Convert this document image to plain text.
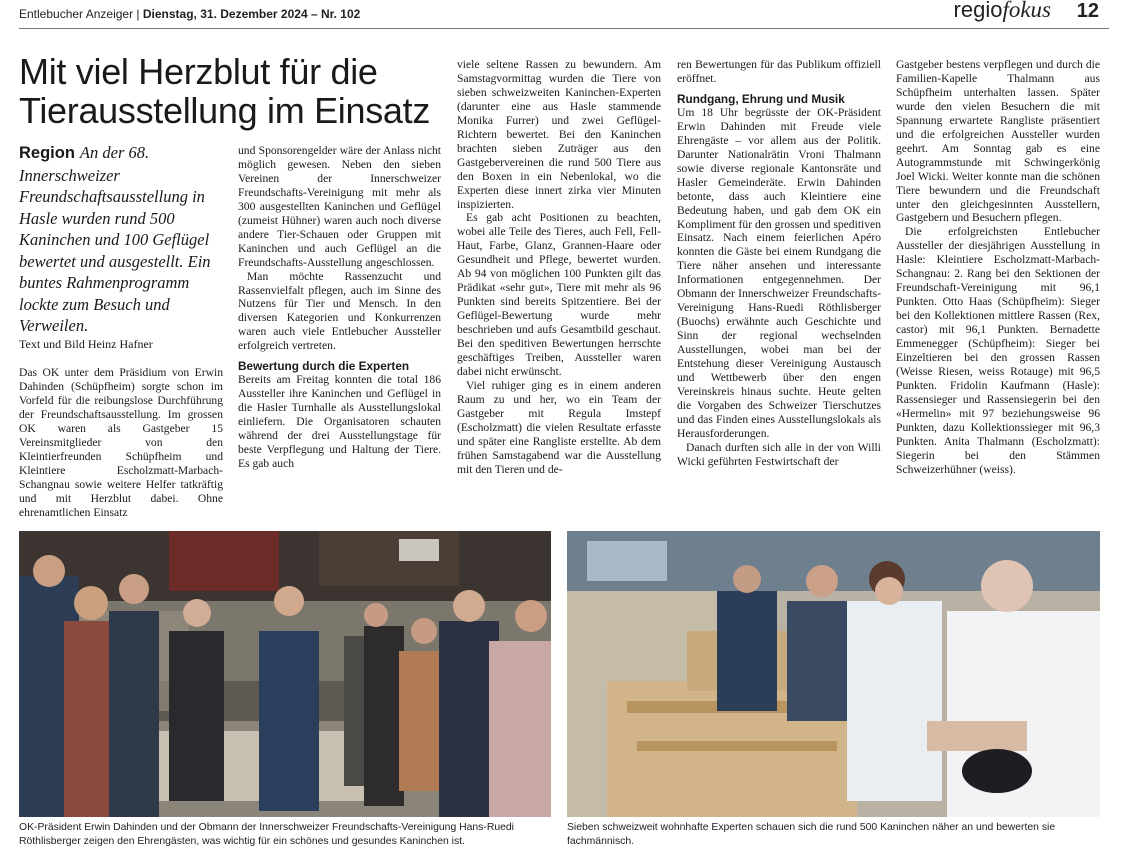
Entlebucher Anzeiger | Dienstag, 31. Dezember 2024 – Nr. 102	regiofokus 12
Mit viel Herzblut für die Tierausstellung im Einsatz

Region An der 68. Innerschweizer Freundschaftsausstellung in Hasle wurden rund 500 Kaninchen und 100 Geflügel bewertet und ausgestellt. Ein buntes Rahmenprogramm lockte zum Besuch und Verweilen.

Text und Bild Heinz Hafner

Das OK unter dem Präsidium von Erwin Dahinden (Schüpfheim) sorgte schon im Vorfeld für die reibungslose Durchführung der Freundschaftsausstellung. Im grossen OK waren als Gastgeber 15 Vereinsmitglieder von den Kleintierfreunden Schüpfheim und Kleintiere Escholzmatt-Marbach-Schangnau sowie weitere Helfer tatkräftig und mit Herzblut dabei. Ohne ehrenamtlichen Einsatz

und Sponsorengelder wäre der Anlass nicht möglich gewesen. Neben den sieben Vereinen der Innerschweizer Freundschafts-Vereinigung mit mehr als 300 ausgestellten Kaninchen und Geflügel (zumeist Hühner) waren auch noch diverse andere Tier-Schauen oder Gruppen mit Kaninchen und auch Geflügel an die Freundschafts-Ausstellung angeschlossen.

Man möchte Rassenzucht und Rassenvielfalt pflegen, auch im Sinne des Nutzens für Tier und Mensch. In den diversen Kategorien und Konkurrenzen waren auch viele Entlebucher Aussteller erfolgreich vertreten.

Bewertung durch die Experten

Bereits am Freitag konnten die total 186 Aussteller ihre Kaninchen und Geflügel in die Hasler Turnhalle als Ausstellungslokal einliefern. Die Organisatoren schauten während der drei Ausstellungstage für beste Verpflegung und Haltung der Tiere. Es gab auch

viele seltene Rassen zu bewundern. Am Samstagvormittag wurden die Tiere von sieben schweizweiten Kaninchen-Experten (darunter eine aus Hasle stammende Monika Furrer) und zwei Geflügel-Richtern bewertet. Bei den Kaninchen brachten sieben Zuträger aus den Gastgebervereinen die rund 500 Tiere aus den Boxen in ein Nebenlokal, wo die Experten diese innert zirka vier Minuten inspizierten.

Es gab acht Positionen zu beachten, wobei alle Teile des Tieres, auch Fell, Fell-Haut, Farbe, Glanz, Grannen-Haare oder Gesundheit und Pflege, bewertet wurden. Ab 94 von möglichen 100 Punkten gilt das Prädikat «sehr gut», Tiere mit mehr als 96 Punkten sind bereits Spitzentiere. Bei der Geflügel-Bewertung wurde mehr beschrieben und aufs Gesamtbild geschaut. Bei den speditiven Bewertungen herrschte geschäftiges Treiben, Aussteller waren dabei nicht erwünscht.

Viel ruhiger ging es in einem anderen Raum zu und her, wo ein Team der Gastgeber mit Regula Imstepf (Escholzmatt) die vielen Resultate erfasste und später eine Rangliste erstellte. Ab dem frühen Samstagabend war die Ausstellung mit den Tieren und de-

ren Bewertungen für das Publikum offiziell eröffnet.

Rundgang, Ehrung und Musik

Um 18 Uhr begrüsste der OK-Präsident Erwin Dahinden mit Freude viele Ehrengäste – vor allem aus der Politik. Darunter Nationalrätin Vroni Thalmann sowie diverse regionale Kantonsräte und Hasler Gemeinderäte. Erwin Dahinden betonte, dass auch Kleintiere eine Bedeutung haben, und gab dem OK ein Kompliment für den grossen und speditiven Einsatz. Nach einem feierlichen Apéro konnten die Gäste bei einem Rundgang die Tiere näher ansehen und interessante Informationen entgegennehmen. Der Obmann der Innerschweizer Freundschafts-Vereinigung Hans-Ruedi Röthlisberger (Buochs) erwähnte auch Geschichte und Sinn der regional wechselnden Ausstellungen, wobei man bei der Entstehung dieser Vereinigung Austausch und Wettbewerb über den engen Vereinskreis hinaus suchte. Heute gelten die Vorgaben des Schweizer Tierschutzes und das Finden eines Ausstellungslokals als Herausforderungen.

Danach durften sich alle in der von Willi Wicki geführten Festwirtschaft der

Gastgeber bestens verpflegen und durch die Familien-Kapelle Thalmann aus Schüpfheim unterhalten lassen. Später wurde den vielen Besuchern die mit Spannung erwartete Rangliste präsentiert und die erfolgreichen Aussteller wurden geehrt. Am Sonntag gab es eine Autogrammstunde mit Schwingerkönig Joel Wicki. Weiter konnte man die schönen Tiere bewundern und die Freundschaft unter den gleichgesinnten Ausstellern, Gastgebern und Besuchern pflegen.

Die erfolgreichsten Entlebucher Aussteller der diesjährigen Ausstellung in Hasle: Kleintiere Escholzmatt-Marbach-Schangnau: 2. Rang bei den Sektionen der Freundschaft-Vereinigung mit 96,1 Punkten. Otto Haas (Schüpfheim): Sieger bei den Kollektionen mittlere Rassen (Rex, castor) mit 96,1 Punkten. Bernadette Emmenegger (Schüpfheim): Sieger bei Einzeltieren bei den grossen Rassen (Weisse Riesen, weiss Rotauge) mit 96,5 Punkten. Fridolin Kaufmann (Hasle): Rassensieger und Rassensiegerin bei den «Hermelin» mit 97 beziehungsweise 96 Punkten, dazu Kollektionssieger mit 96,3 Punkten. Anita Thalmann (Escholzmatt): Siegerin bei den Stämmen Schweizerhühner (weiss).

OK-Präsident Erwin Dahinden und der Obmann der Innerschweizer Freundschafts-Vereinigung Hans-Ruedi Röthlisberger zeigen den Ehrengästen, was wichtig für ein schönes und gesundes Kaninchen ist.

Sieben schweizweit wohnhafte Experten schauen sich die rund 500 Kaninchen näher an und bewerten sie fachmännisch.
